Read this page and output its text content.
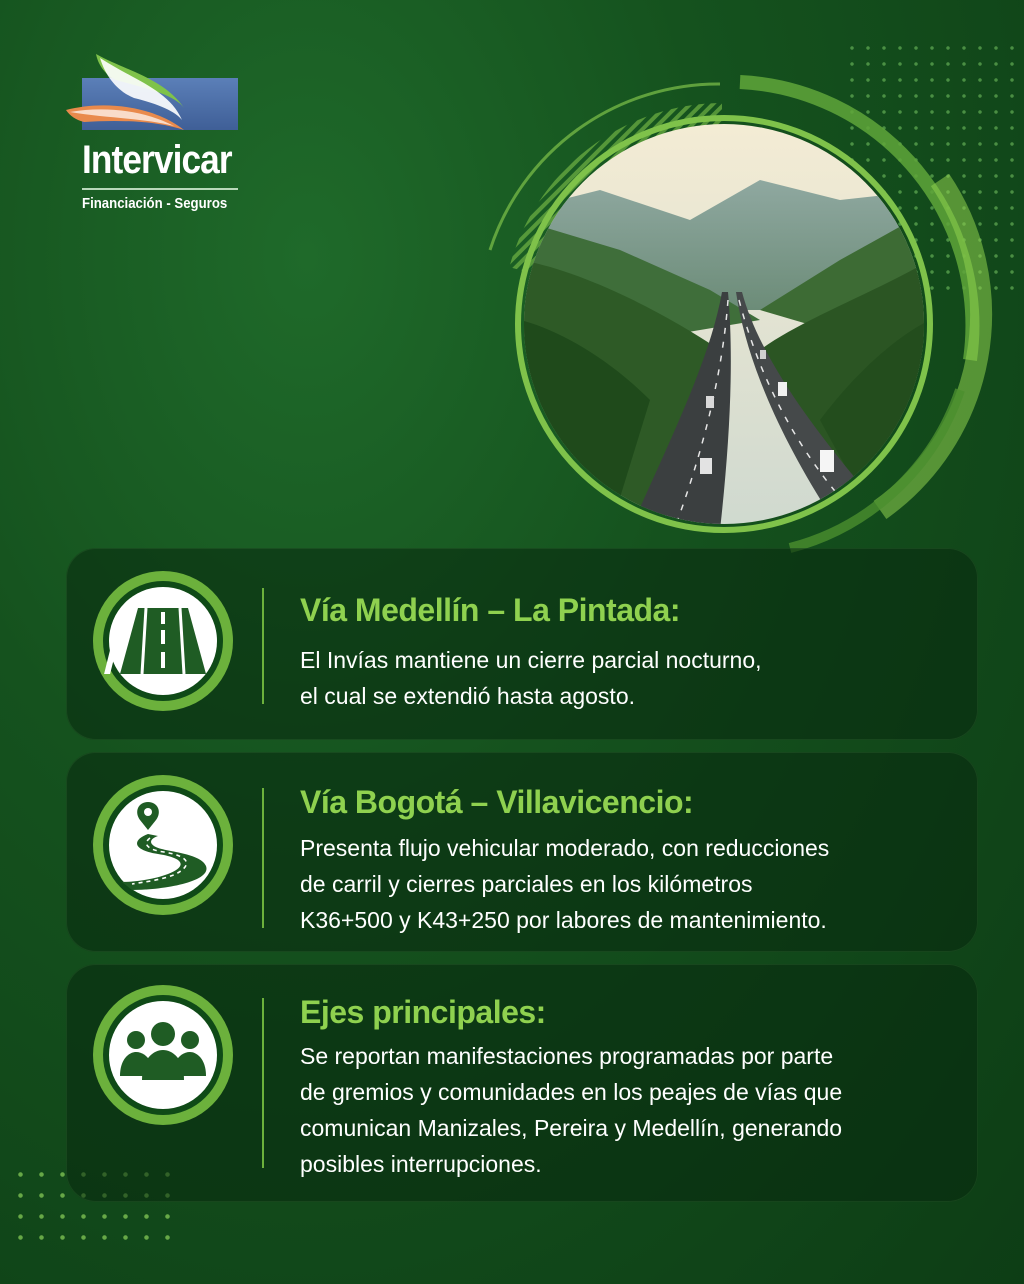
Intervicar
Financiación - Seguros
Vía Medellín – La Pintada:
El Invías mantiene un cierre parcial nocturno,
el cual se extendió hasta agosto.
Vía Bogotá – Villavicencio:
Presenta flujo vehicular moderado, con reducciones
de carril y cierres parciales en los kilómetros
K36+500 y K43+250 por labores de mantenimiento.
Ejes principales:
Se reportan manifestaciones programadas por parte
de gremios y comunidades en los peajes de vías que
comunican Manizales, Pereira y Medellín, generando
posibles interrupciones.
